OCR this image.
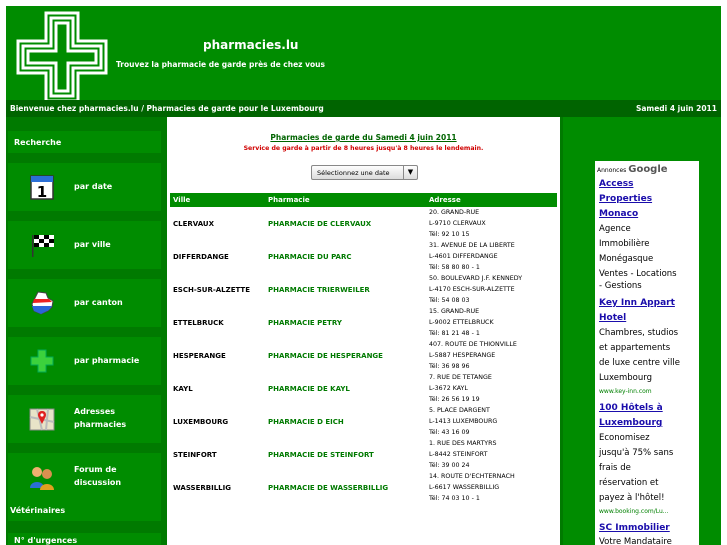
pharmacies.lu
Trouvez la pharmacie de garde près de chez vous
Bienvenue chez pharmacies.lu / Pharmacies de garde pour le Luxembourg	Samedi 4 juin 2011
Recherche
1	par date
par ville
par canton
par pharmacie
Adresses pharmacies
Forum de discussion
Vétérinaires
N° d'urgences
Pharmacies de garde du Samedi 4 juin 2011
Service de garde à partir de 8 heures jusqu'à 8 heures le lendemain.
Sélectionnez une date	▼
Ville	Pharmacie	Adresse
CLERVAUX	PHARMACIE DE CLERVAUX	20. GRAND-RUE
L-9710 CLERVAUX
Tél: 92 10 15

DIFFERDANGE	PHARMACIE DU PARC	31. AVENUE DE LA LIBERTE
L-4601 DIFFERDANGE
Tél: 58 80 80 - 1

ESCH-SUR-ALZETTE	PHARMACIE TRIERWEILER	50. BOULEVARD J.F. KENNEDY
L-4170 ESCH-SUR-ALZETTE
Tél: 54 08 03

ETTELBRUCK	PHARMACIE PETRY	15. GRAND-RUE
L-9002 ETTELBRUCK
Tél: 81 21 48 - 1

HESPERANGE	PHARMACIE DE HESPERANGE	407. ROUTE DE THIONVILLE
L-5887 HESPERANGE
Tél: 36 98 96

KAYL	PHARMACIE DE KAYL	7. RUE DE TETANGE
L-3672 KAYL
Tél: 26 56 19 19

LUXEMBOURG	PHARMACIE D EICH	5. PLACE DARGENT
L-1413 LUXEMBOURG
Tél: 43 16 09

STEINFORT	PHARMACIE DE STEINFORT	1. RUE DES MARTYRS
L-8442 STEINFORT
Tél: 39 00 24

WASSERBILLIG	PHARMACIE DE WASSERBILLIG	14. ROUTE D'ECHTERNACH
L-6617 WASSERBILLIG
Tél: 74 03 10 - 1
Annonces Google
Access
Properties
Monaco
Agence
Immobilière
Monégasque
Ventes - Locations
- Gestions
Key Inn Appart
Hotel
Chambres, studios
et appartements
de luxe centre ville
Luxembourg
www.key-inn.com
100 Hôtels à
Luxembourg
Economisez
jusqu'à 75% sans
frais de
réservation et
payez à l'hôtel!
www.booking.com/Lu...
SC Immobilier
Votre Mandataire
